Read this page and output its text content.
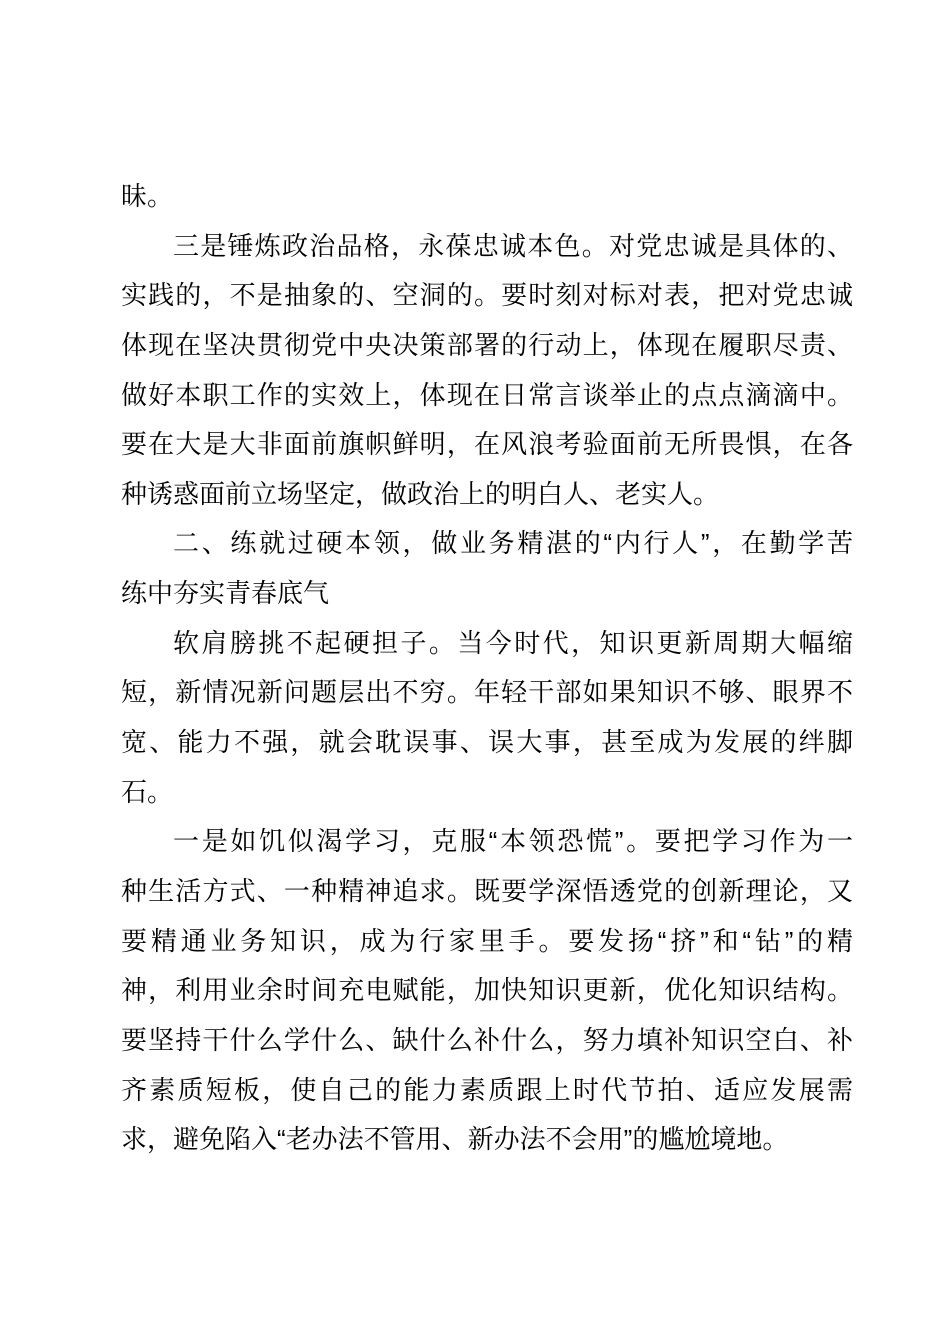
昧。
三是锤炼政治品格，永葆忠诚本色。对党忠诚是具体的、
实践的，不是抽象的、空洞的。要时刻对标对表，把对党忠诚
体现在坚决贯彻党中央决策部署的行动上，体现在履职尽责、
做好本职工作的实效上，体现在日常言谈举止的点点滴滴中。
要在大是大非面前旗帜鲜明，在风浪考验面前无所畏惧，在各
种诱惑面前立场坚定，做政治上的明白人、老实人。
二、练就过硬本领，做业务精湛的“内行人”，在勤学苦
练中夯实青春底气
软肩膀挑不起硬担子。当今时代，知识更新周期大幅缩
短，新情况新问题层出不穷。年轻干部如果知识不够、眼界不
宽、能力不强，就会耽误事、误大事，甚至成为发展的绊脚
石。
一是如饥似渴学习，克服“本领恐慌”。要把学习作为一
种生活方式、一种精神追求。既要学深悟透党的创新理论，又
要精通业务知识，成为行家里手。要发扬“挤”和“钻”的精
神，利用业余时间充电赋能，加快知识更新，优化知识结构。
要坚持干什么学什么、缺什么补什么，努力填补知识空白、补
齐素质短板，使自己的能力素质跟上时代节拍、适应发展需
求，避免陷入“老办法不管用、新办法不会用”的尴尬境地。
